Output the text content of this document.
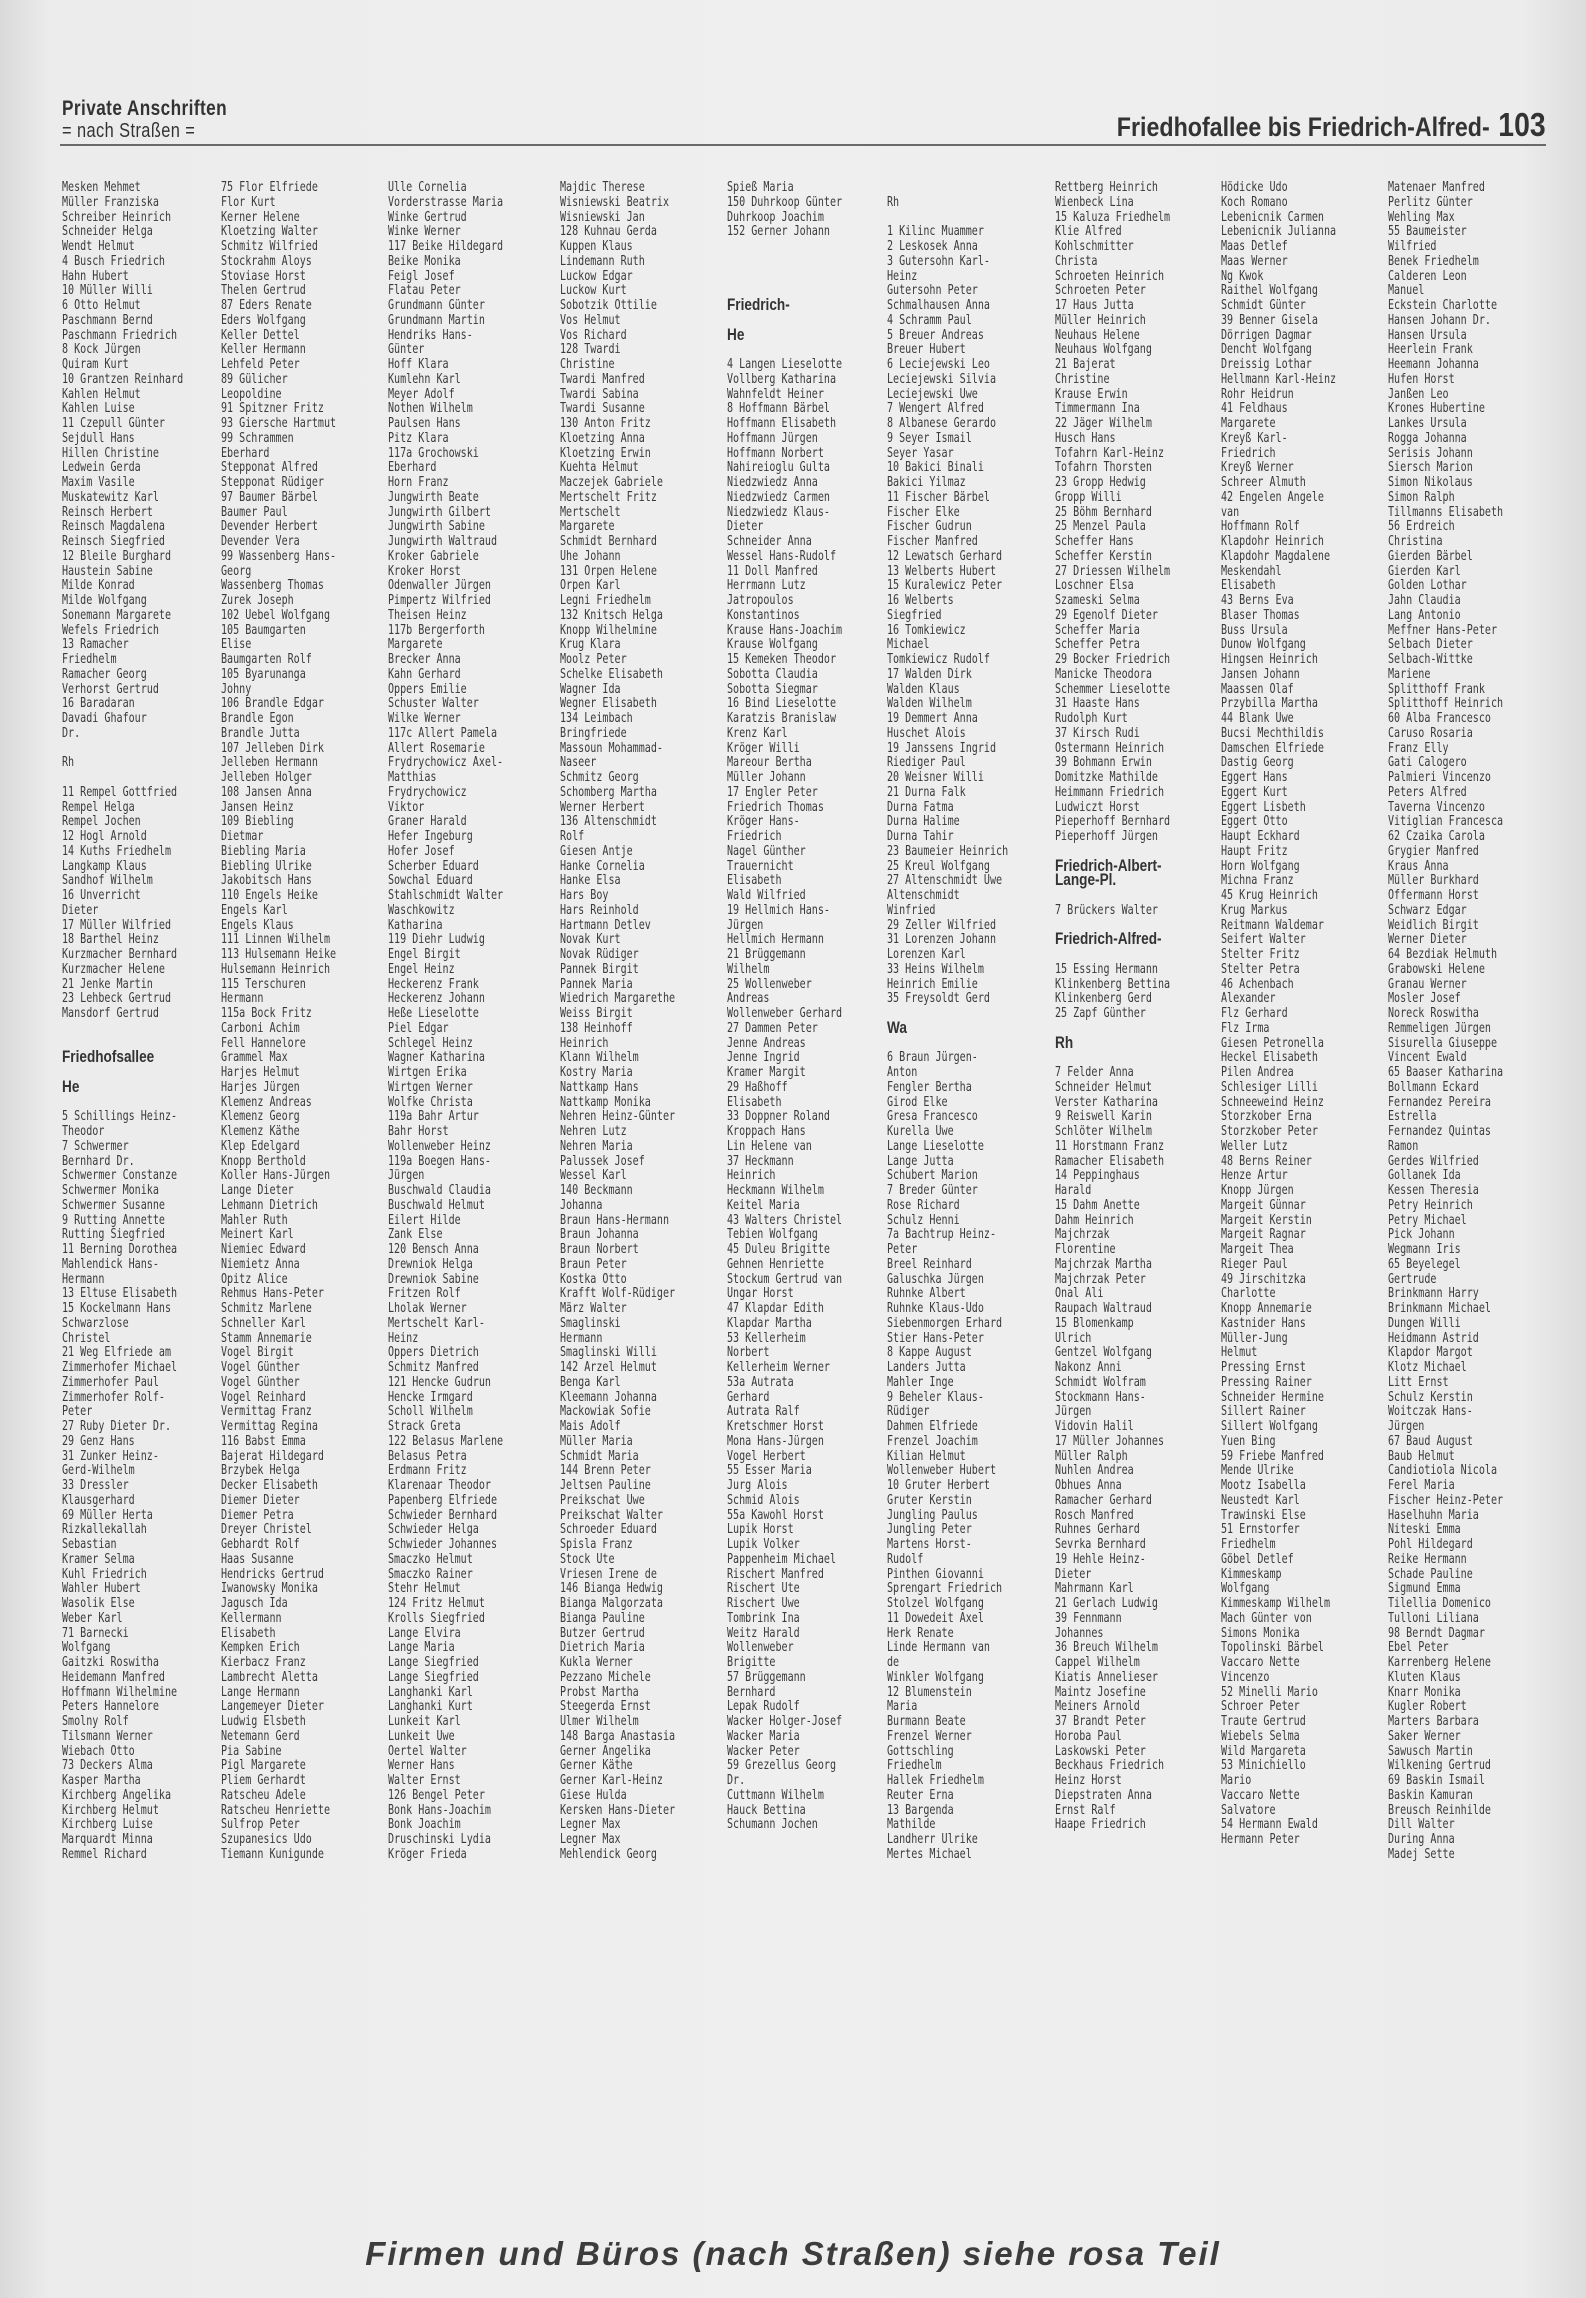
Private Anschriften
= nach Straßen =	Friedhofallee bis Friedrich-Alfred- 103
Mesken Mehmet
Müller Franziska
Schreiber Heinrich
Schneider Helga
Wendt Helmut
4 Busch Friedrich
Hahn Hubert
10 Müller Willi
6 Otto Helmut
Paschmann Bernd
Paschmann Friedrich
8 Kock Jürgen
Quiram Kurt
10 Grantzen Reinhard
Kahlen Helmut
Kahlen Luise
11 Czepull Günter
Sejdull Hans
Hillen Christine
Ledwein Gerda
Maxim Vasile
Muskatewitz Karl
Reinsch Herbert
Reinsch Magdalena
Reinsch Siegfried
12 Bleile Burghard
Haustein Sabine
Milde Konrad
Milde Wolfgang
Sonemann Margarete
Wefels Friedrich
13 Ramacher
Friedhelm
Ramacher Georg
Verhorst Gertrud
16 Baradaran
Davadi Ghafour
Dr.
Rh
11 Rempel Gottfried
Rempel Helga
Rempel Jochen
12 Hogl Arnold
14 Kuths Friedhelm
Langkamp Klaus
Sandhof Wilhelm
16 Unverricht
Dieter
17 Müller Wilfried
18 Barthel Heinz
Kurzmacher Bernhard
Kurzmacher Helene
21 Jenke Martin
23 Lehbeck Gertrud
Mansdorf Gertrud
Friedhofsallee
He
5 Schillings Heinz-
Theodor
7 Schwermer
Bernhard Dr.
Schwermer Constanze
Schwermer Monika
Schwermer Susanne
9 Rutting Annette
Rutting Siegfried
11 Berning Dorothea
Mahlendick Hans-
Hermann
13 Eltuse Elisabeth
15 Kockelmann Hans
Schwarzlose
Christel
21 Weg Elfriede am
Zimmerhofer Michael
Zimmerhofer Paul
Zimmerhofer Rolf-
Peter
27 Ruby Dieter Dr.
29 Genz Hans
31 Zunker Heinz-
Gerd-Wilhelm
33 Dressler
Klausgerhard
69 Müller Herta
Rizkallekallah
Sebastian
Kramer Selma
Kuhl Friedrich
Wahler Hubert
Wasolik Else
Weber Karl
71 Barnecki
Wolfgang
Gaitzki Roswitha
Heidemann Manfred
Hoffmann Wilhelmine
Peters Hannelore
Smolny Rolf
Tilsmann Werner
Wiebach Otto
73 Deckers Alma
Kasper Martha
Kirchberg Angelika
Kirchberg Helmut
Kirchberg Luise
Marquardt Minna
Remmel Richard
75 Flor Elfriede
Flor Kurt
Kerner Helene
Kloetzing Walter
Schmitz Wilfried
Stockrahm Aloys
Stoviase Horst
Thelen Gertrud
87 Eders Renate
Eders Wolfgang
Keller Dettel
Keller Hermann
Lehfeld Peter
89 Gülicher
Leopoldine
91 Spitzner Fritz
93 Giersche Hartmut
99 Schrammen
Eberhard
Stepponat Alfred
Stepponat Rüdiger
97 Baumer Bärbel
Baumer Paul
Devender Herbert
Devender Vera
99 Wassenberg Hans-
Georg
Wassenberg Thomas
Zurek Joseph
102 Uebel Wolfgang
105 Baumgarten
Elise
Baumgarten Rolf
105 Byarunanga
Johny
106 Brandle Edgar
Brandle Egon
Brandle Jutta
107 Jelleben Dirk
Jelleben Hermann
Jelleben Holger
108 Jansen Anna
Jansen Heinz
109 Biebling
Dietmar
Biebling Maria
Biebling Ulrike
Jakobitsch Hans
110 Engels Heike
Engels Karl
Engels Klaus
111 Linnen Wilhelm
113 Hulsemann Heike
Hulsemann Heinrich
115 Terschuren
Hermann
115a Bock Fritz
Carboni Achim
Fell Hannelore
Grammel Max
Harjes Helmut
Harjes Jürgen
Klemenz Andreas
Klemenz Georg
Klemenz Käthe
Klep Edelgard
Knopp Berthold
Koller Hans-Jürgen
Lange Dieter
Lehmann Dietrich
Mahler Ruth
Meinert Karl
Niemiec Edward
Niemietz Anna
Opitz Alice
Rehmus Hans-Peter
Schmitz Marlene
Schneller Karl
Stamm Annemarie
Vogel Birgit
Vogel Günther
Vogel Günther
Vogel Reinhard
Vermittag Franz
Vermittag Regina
116 Babst Emma
Bajerat Hildegard
Brzybek Helga
Decker Elisabeth
Diemer Dieter
Diemer Petra
Dreyer Christel
Gebhardt Rolf
Haas Susanne
Hendricks Gertrud
Iwanowsky Monika
Jagusch Ida
Kellermann
Elisabeth
Kempken Erich
Kierbacz Franz
Lambrecht Aletta
Lange Hermann
Langemeyer Dieter
Ludwig Elsbeth
Netemann Gerd
Pia Sabine
Pigl Margarete
Pliem Gerhardt
Ratscheu Adele
Ratscheu Henriette
Sulfrop Peter
Szupanesics Udo
Tiemann Kunigunde
Ulle Cornelia
Vorderstrasse Maria
Winke Gertrud
Winke Werner
117 Beike Hildegard
Beike Monika
Feigl Josef
Flatau Peter
Grundmann Günter
Grundmann Martin
Hendriks Hans-
Günter
Hoff Klara
Kumlehn Karl
Meyer Adolf
Nothen Wilhelm
Paulsen Hans
Pitz Klara
117a Grochowski
Eberhard
Horn Franz
Jungwirth Beate
Jungwirth Gilbert
Jungwirth Sabine
Jungwirth Waltraud
Kroker Gabriele
Kroker Horst
Odenwaller Jürgen
Pimpertz Wilfried
Theisen Heinz
117b Bergerforth
Margarete
Brecker Anna
Kahn Gerhard
Oppers Emilie
Schuster Walter
Wilke Werner
117c Allert Pamela
Allert Rosemarie
Frydrychowicz Axel-
Matthias
Frydrychowicz
Viktor
Graner Harald
Hefer Ingeburg
Hofer Josef
Scherber Eduard
Sowchal Eduard
Stahlschmidt Walter
Waschkowitz
Katharina
119 Diehr Ludwig
Engel Birgit
Engel Heinz
Heckerenz Frank
Heckerenz Johann
Heße Lieselotte
Piel Edgar
Schlegel Heinz
Wagner Katharina
Wirtgen Erika
Wirtgen Werner
Wolfke Christa
119a Bahr Artur
Bahr Horst
Wollenweber Heinz
119a Boegen Hans-
Jürgen
Buschwald Claudia
Buschwald Helmut
Eilert Hilde
Zank Else
120 Bensch Anna
Drewniok Helga
Drewniok Sabine
Fritzen Rolf
Lholak Werner
Mertschelt Karl-
Heinz
Oppers Dietrich
Schmitz Manfred
121 Hencke Gudrun
Hencke Irmgard
Scholl Wilhelm
Strack Greta
122 Belasus Marlene
Belasus Petra
Erdmann Fritz
Klarenaar Theodor
Papenberg Elfriede
Schwieder Bernhard
Schwieder Helga
Schwieder Johannes
Smaczko Helmut
Smaczko Rainer
Stehr Helmut
124 Fritz Helmut
Krolls Siegfried
Lange Elvira
Lange Maria
Lange Siegfried
Lange Siegfried
Langhanki Karl
Langhanki Kurt
Lunkeit Karl
Lunkeit Uwe
Oertel Walter
Werner Hans
Walter Ernst
126 Bengel Peter
Bonk Hans-Joachim
Bonk Joachim
Druschinski Lydia
Kröger Frieda
Majdic Therese
Wisniewski Beatrix
Wisniewski Jan
128 Kuhnau Gerda
Kuppen Klaus
Lindemann Ruth
Luckow Edgar
Luckow Kurt
Sobotzik Ottilie
Vos Helmut
Vos Richard
128 Twardi
Christine
Twardi Manfred
Twardi Sabina
Twardi Susanne
130 Anton Fritz
Kloetzing Anna
Kloetzing Erwin
Kuehta Helmut
Maczejek Gabriele
Mertschelt Fritz
Mertschelt
Margarete
Schmidt Bernhard
Uhe Johann
131 Orpen Helene
Orpen Karl
Legni Friedhelm
132 Knitsch Helga
Knopp Wilhelmine
Krug Klara
Moolz Peter
Schelke Elisabeth
Wagner Ida
Wegner Elisabeth
134 Leimbach
Bringfriede
Massoun Mohammad-
Naseer
Schmitz Georg
Schomberg Martha
Werner Herbert
136 Altenschmidt
Rolf
Giesen Antje
Hanke Cornelia
Hanke Elsa
Hars Boy
Hars Reinhold
Hartmann Detlev
Novak Kurt
Novak Rüdiger
Pannek Birgit
Pannek Maria
Wiedrich Margarethe
Weiss Birgit
138 Heinhoff
Heinrich
Klann Wilhelm
Kostry Maria
Nattkamp Hans
Nattkamp Monika
Nehren Heinz-Günter
Nehren Lutz
Nehren Maria
Palussek Josef
Wessel Karl
140 Beckmann
Johanna
Braun Hans-Hermann
Braun Johanna
Braun Norbert
Braun Peter
Kostka Otto
Krafft Wolf-Rüdiger
März Walter
Smaglinski
Hermann
Smaglinski Willi
142 Arzel Helmut
Benga Karl
Kleemann Johanna
Mackowiak Sofie
Mais Adolf
Müller Maria
Schmidt Maria
144 Brenn Peter
Jeltsen Pauline
Preikschat Uwe
Preikschat Walter
Schroeder Eduard
Spisla Franz
Stock Ute
Vriesen Irene de
146 Bianga Hedwig
Bianga Malgorzata
Bianga Pauline
Butzer Gertrud
Dietrich Maria
Kukla Werner
Pezzano Michele
Probst Martha
Steegerda Ernst
Ulmer Wilhelm
148 Barga Anastasia
Gerner Angelika
Gerner Käthe
Gerner Karl-Heinz
Giese Hulda
Kersken Hans-Dieter
Legner Max
Legner Max
Mehlendick Georg
Spieß Maria
150 Duhrkoop Günter
Duhrkoop Joachim
152 Gerner Johann
Friedrich-
He
4 Langen Lieselotte
Vollberg Katharina
Wahnfeldt Heiner
8 Hoffmann Bärbel
Hoffmann Elisabeth
Hoffmann Jürgen
Hoffmann Norbert
Nahireioglu Gulta
Niedzwiedz Anna
Niedzwiedz Carmen
Niedzwiedz Klaus-
Dieter
Schneider Anna
Wessel Hans-Rudolf
11 Doll Manfred
Herrmann Lutz
Jatropoulos
Konstantinos
Krause Hans-Joachim
Krause Wolfgang
15 Kemeken Theodor
Sobotta Claudia
Sobotta Siegmar
16 Bind Lieselotte
Karatzis Branislaw
Krenz Karl
Kröger Willi
Mareour Bertha
Müller Johann
17 Engler Peter
Friedrich Thomas
Kröger Hans-
Friedrich
Nagel Günther
Trauernicht
Elisabeth
Wald Wilfried
19 Hellmich Hans-
Jürgen
Hellmich Hermann
21 Brüggemann
Wilhelm
25 Wollenweber
Andreas
Wollenweber Gerhard
27 Dammen Peter
Jenne Andreas
Jenne Ingrid
Kramer Margit
29 Haßhoff
Elisabeth
33 Doppner Roland
Kroppach Hans
Lin Helene van
37 Heckmann
Heinrich
Heckmann Wilhelm
Keitel Maria
43 Walters Christel
Tebien Wolfgang
45 Duleu Brigitte
Gehnen Henriette
Stockum Gertrud van
Ungar Horst
47 Klapdar Edith
Klapdar Martha
53 Kellerheim
Norbert
Kellerheim Werner
53a Autrata
Gerhard
Autrata Ralf
Kretschmer Horst
Mona Hans-Jürgen
Vogel Herbert
55 Esser Maria
Jurg Alois
Schmid Alois
55a Kawohl Horst
Lupik Horst
Lupik Volker
Pappenheim Michael
Rischert Manfred
Rischert Ute
Rischert Uwe
Tombrink Ina
Weitz Harald
Wollenweber
Brigitte
57 Brüggemann
Bernhard
Lepak Rudolf
Wacker Holger-Josef
Wacker Maria
Wacker Peter
59 Grezellus Georg
Dr.
Cuttmann Wilhelm
Hauck Bettina
Schumann Jochen
Rh
1 Kilinc Muammer
2 Leskosek Anna
3 Gutersohn Karl-
Heinz
Gutersohn Peter
Schmalhausen Anna
4 Schramm Paul
5 Breuer Andreas
Breuer Hubert
6 Leciejewski Leo
Leciejewski Silvia
Leciejewski Uwe
7 Wengert Alfred
8 Albanese Gerardo
9 Seyer Ismail
Seyer Yasar
10 Bakici Binali
Bakici Yilmaz
11 Fischer Bärbel
Fischer Elke
Fischer Gudrun
Fischer Manfred
12 Lewatsch Gerhard
13 Welberts Hubert
15 Kuralewicz Peter
16 Welberts
Siegfried
16 Tomkiewicz
Michael
Tomkiewicz Rudolf
17 Walden Dirk
Walden Klaus
Walden Wilhelm
19 Demmert Anna
Huschet Alois
19 Janssens Ingrid
Riediger Paul
20 Weisner Willi
21 Durna Falk
Durna Fatma
Durna Halime
Durna Tahir
23 Baumeier Heinrich
25 Kreul Wolfgang
27 Altenschmidt Uwe
Altenschmidt
Winfried
29 Zeller Wilfried
31 Lorenzen Johann
Lorenzen Karl
33 Heins Wilhelm
Heinrich Emilie
35 Freysoldt Gerd
Wa
6 Braun Jürgen-
Anton
Fengler Bertha
Girod Elke
Gresa Francesco
Kurella Uwe
Lange Lieselotte
Lange Jutta
Schubert Marion
7 Breder Günter
Rose Richard
Schulz Henni
7a Bachtrup Heinz-
Peter
Breel Reinhard
Galuschka Jürgen
Ruhnke Albert
Ruhnke Klaus-Udo
Siebenmorgen Erhard
Stier Hans-Peter
8 Kappe August
Landers Jutta
Mahler Inge
9 Beheler Klaus-
Rüdiger
Dahmen Elfriede
Frenzel Joachim
Kilian Helmut
Wollenweber Hubert
10 Gruter Herbert
Gruter Kerstin
Jungling Paulus
Jungling Peter
Martens Horst-
Rudolf
Pinthen Giovanni
Sprengart Friedrich
Stolzel Wolfgang
11 Dowedeit Axel
Herk Renate
Linde Hermann van
de
Winkler Wolfgang
12 Blumenstein
Maria
Burmann Beate
Frenzel Werner
Gottschling
Friedhelm
Hallek Friedhelm
Reuter Erna
13 Bargenda
Mathilde
Landherr Ulrike
Mertes Michael
Rettberg Heinrich
Wienbeck Lina
15 Kaluza Friedhelm
Klie Alfred
Kohlschmitter
Christa
Schroeten Heinrich
Schroeten Peter
17 Haus Jutta
Müller Heinrich
Neuhaus Helene
Neuhaus Wolfgang
21 Bajerat
Christine
Krause Erwin
Timmermann Ina
22 Jäger Wilhelm
Husch Hans
Tofahrn Karl-Heinz
Tofahrn Thorsten
23 Gropp Hedwig
Gropp Willi
25 Böhm Bernhard
25 Menzel Paula
Scheffer Hans
Scheffer Kerstin
27 Driessen Wilhelm
Loschner Elsa
Szameski Selma
29 Egenolf Dieter
Scheffer Maria
Scheffer Petra
29 Bocker Friedrich
Manicke Theodora
Schemmer Lieselotte
31 Haaste Hans
Rudolph Kurt
37 Kirsch Rudi
Ostermann Heinrich
39 Bohmann Erwin
Domitzke Mathilde
Heimmann Friedrich
Ludwiczt Horst
Pieperhoff Bernhard
Pieperhoff Jürgen
Friedrich-Albert-
Lange-Pl.
7 Brückers Walter
Friedrich-Alfred-
15 Essing Hermann
Klinkenberg Bettina
Klinkenberg Gerd
25 Zapf Günther
Rh
7 Felder Anna
Schneider Helmut
Verster Katharina
9 Reiswell Karin
Schlöter Wilhelm
11 Horstmann Franz
Ramacher Elisabeth
14 Peppinghaus
Harald
15 Dahm Anette
Dahm Heinrich
Majchrzak
Florentine
Majchrzak Martha
Majchrzak Peter
Onal Ali
Raupach Waltraud
15 Blomenkamp
Ulrich
Gentzel Wolfgang
Nakonz Anni
Schmidt Wolfram
Stockmann Hans-
Jürgen
Vidovin Halil
17 Müller Johannes
Müller Ralph
Nuhlen Andrea
Obhues Anna
Ramacher Gerhard
Rosch Manfred
Ruhnes Gerhard
Sevrka Bernhard
19 Hehle Heinz-
Dieter
Mahrmann Karl
21 Gerlach Ludwig
39 Fennmann
Johannes
36 Breuch Wilhelm
Cappel Wilhelm
Kiatis Annelieser
Maintz Josefine
Meiners Arnold
37 Brandt Peter
Horoba Paul
Laskowski Peter
Beckhaus Friedrich
Heinz Horst
Diepstraten Anna
Ernst Ralf
Haape Friedrich
Hödicke Udo
Koch Romano
Lebenicnik Carmen
Lebenicnik Julianna
Maas Detlef
Maas Werner
Ng Kwok
Raithel Wolfgang
Schmidt Günter
39 Benner Gisela
Dörrigen Dagmar
Dencht Wolfgang
Dreissig Lothar
Hellmann Karl-Heinz
Rohr Heidrun
41 Feldhaus
Margarete
Kreyß Karl-
Friedrich
Kreyß Werner
Schreer Almuth
42 Engelen Angele
van
Hoffmann Rolf
Klapdohr Heinrich
Klapdohr Magdalene
Meskendahl
Elisabeth
43 Berns Eva
Blaser Thomas
Buss Ursula
Dunow Wolfgang
Hingsen Heinrich
Jansen Johann
Maassen Olaf
Przybilla Martha
44 Blank Uwe
Bucsi Mechthildis
Damschen Elfriede
Dastig Georg
Eggert Hans
Eggert Kurt
Eggert Lisbeth
Eggert Otto
Haupt Eckhard
Haupt Fritz
Horn Wolfgang
Michna Franz
45 Krug Heinrich
Krug Markus
Reitmann Waldemar
Seifert Walter
Stelter Fritz
Stelter Petra
46 Achenbach
Alexander
Flz Gerhard
Flz Irma
Giesen Petronella
Heckel Elisabeth
Pilen Andrea
Schlesiger Lilli
Schneeweind Heinz
Storzkober Erna
Storzkober Peter
Weller Lutz
48 Berns Reiner
Henze Artur
Knopp Jürgen
Margeit Günnar
Margeit Kerstin
Margeit Ragnar
Margeit Thea
Rieger Paul
49 Jirschitzka
Charlotte
Knopp Annemarie
Kastnider Hans
Müller-Jung
Helmut
Pressing Ernst
Pressing Rainer
Schneider Hermine
Sillert Rainer
Sillert Wolfgang
Yuen Bing
59 Friebe Manfred
Mende Ulrike
Mootz Isabella
Neustedt Karl
Trawinski Else
51 Ernstorfer
Friedhelm
Göbel Detlef
Kimmeskamp
Wolfgang
Kimmeskamp Wilhelm
Mach Günter von
Simons Monika
Topolinski Bärbel
Vaccaro Nette
Vincenzo
52 Minelli Mario
Schroer Peter
Traute Gertrud
Wiebels Selma
Wild Margareta
53 Minichiello
Mario
Vaccaro Nette
Salvatore
54 Hermann Ewald
Hermann Peter
Matenaer Manfred
Perlitz Günter
Wehling Max
55 Baumeister
Wilfried
Benek Friedhelm
Calderen Leon
Manuel
Eckstein Charlotte
Hansen Johann Dr.
Hansen Ursula
Heerlein Frank
Heemann Johanna
Hufen Horst
Janßen Leo
Krones Hubertine
Lankes Ursula
Rogga Johanna
Serisis Johann
Siersch Marion
Simon Nikolaus
Simon Ralph
Tillmanns Elisabeth
56 Erdreich
Christina
Gierden Bärbel
Gierden Karl
Golden Lothar
Jahn Claudia
Lang Antonio
Meffner Hans-Peter
Selbach Dieter
Selbach-Wittke
Mariene
Splitthoff Frank
Splitthoff Heinrich
60 Alba Francesco
Caruso Rosaria
Franz Elly
Gati Calogero
Palmieri Vincenzo
Peters Alfred
Taverna Vincenzo
Vitiglian Francesca
62 Czaika Carola
Grygier Manfred
Kraus Anna
Müller Burkhard
Offermann Horst
Schwarz Edgar
Weidlich Birgit
Werner Dieter
64 Bezdiak Helmuth
Grabowski Helene
Granau Werner
Mosler Josef
Noreck Roswitha
Remmeligen Jürgen
Sisurella Giuseppe
Vincent Ewald
65 Baaser Katharina
Bollmann Eckard
Fernandez Pereira
Estrella
Fernandez Quintas
Ramon
Gerdes Wilfried
Gollanek Ida
Kessen Theresia
Petry Heinrich
Petry Michael
Pick Johann
Wegmann Iris
65 Beyelegel
Gertrude
Brinkmann Harry
Brinkmann Michael
Dungen Willi
Heidmann Astrid
Klapdor Margot
Klotz Michael
Litt Ernst
Schulz Kerstin
Woitczak Hans-
Jürgen
67 Baud August
Baub Helmut
Candiotiola Nicola
Ferel Maria
Fischer Heinz-Peter
Haselhuhn Maria
Niteski Emma
Pohl Hildegard
Reike Hermann
Schade Pauline
Sigmund Emma
Tilellia Domenico
Tulloni Liliana
98 Berndt Dagmar
Ebel Peter
Karrenberg Helene
Kluten Klaus
Knarr Monika
Kugler Robert
Marters Barbara
Saker Werner
Sawusch Martin
Wilkening Gertrud
69 Baskin Ismail
Baskin Kamuran
Breusch Reinhilde
Dill Walter
During Anna
Madej Sette
Firmen und Büros (nach Straßen) siehe rosa Teil
